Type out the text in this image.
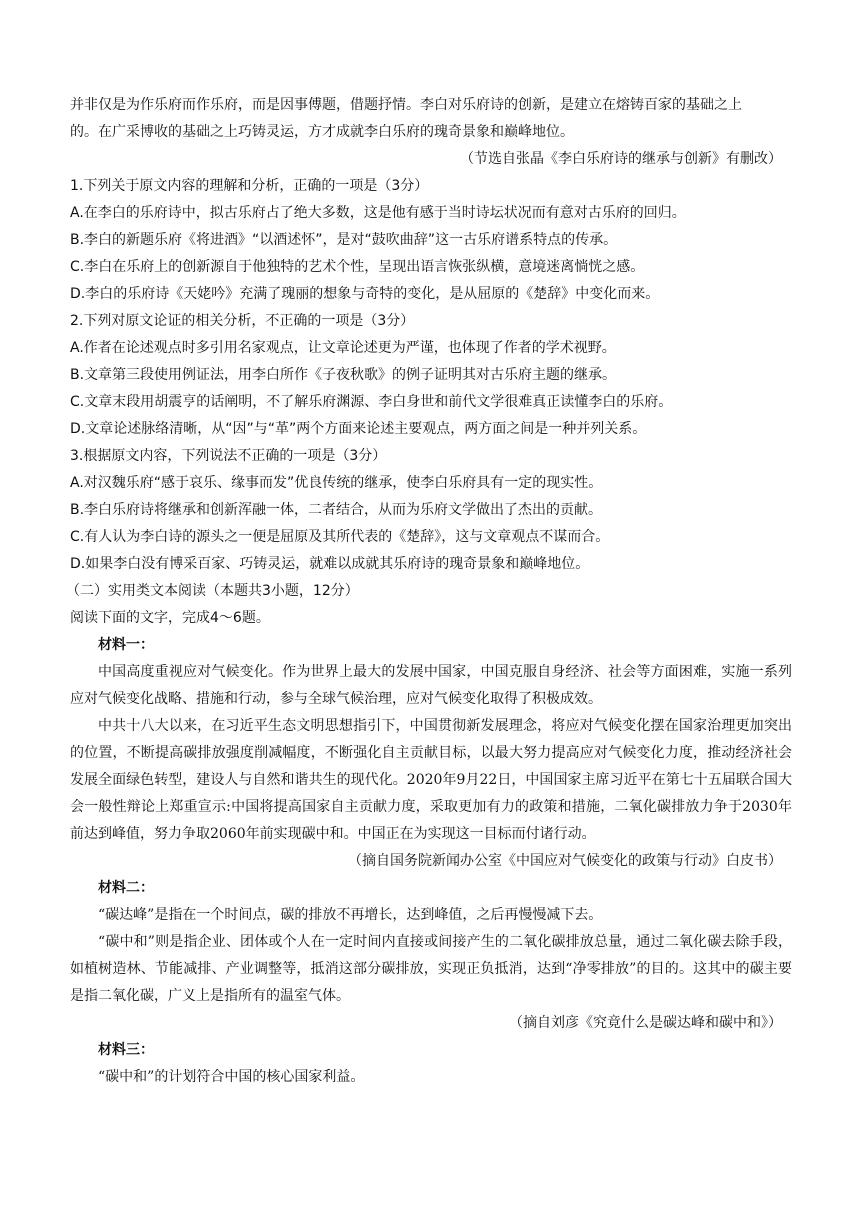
并非仅是为作乐府而作乐府，而是因事傅题，借题抒情。李白对乐府诗的创新，是建立在熔铸百家的基础之上

的。在广采博收的基础之上巧铸灵运，方才成就李白乐府的瑰奇景象和巅峰地位。

（节选自张晶《李白乐府诗的继承与创新》有删改）

1.下列关于原文内容的理解和分析，正确的一项是（3分）

A.在李白的乐府诗中，拟古乐府占了绝大多数，这是他有感于当时诗坛状况而有意对古乐府的回归。

B.李白的新题乐府《将进酒》“以酒述怀”，是对“鼓吹曲辞”这一古乐府谱系特点的传承。

C.李白在乐府上的创新源自于他独特的艺术个性，呈现出语言恢张纵横，意境迷离惝恍之感。

D.李白的乐府诗《天姥吟》充满了瑰丽的想象与奇特的变化，是从屈原的《楚辞》中变化而来。

2.下列对原文论证的相关分析，不正确的一项是（3分）

A.作者在论述观点时多引用名家观点，让文章论述更为严谨，也体现了作者的学术视野。

B.文章第三段使用例证法，用李白所作《子夜秋歌》的例子证明其对古乐府主题的继承。

C.文章末段用胡震亨的话阐明，不了解乐府渊源、李白身世和前代文学很难真正读懂李白的乐府。

D.文章论述脉络清晰，从“因”与“革”两个方面来论述主要观点，两方面之间是一种并列关系。

3.根据原文内容，下列说法不正确的一项是（3分）

A.对汉魏乐府“感于哀乐、缘事而发”优良传统的继承，使李白乐府具有一定的现实性。

B.李白乐府诗将继承和创新浑融一体，二者结合，从而为乐府文学做出了杰出的贡献。

C.有人认为李白诗的源头之一便是屈原及其所代表的《楚辞》，这与文章观点不谋而合。

D.如果李白没有博采百家、巧铸灵运，就难以成就其乐府诗的瑰奇景象和巅峰地位。

（二）实用类文本阅读（本题共3小题，12分）

阅读下面的文字，完成4～6题。

材料一：

中国高度重视应对气候变化。作为世界上最大的发展中国家，中国克服自身经济、社会等方面困难，实施一系列应对气候变化战略、措施和行动，参与全球气候治理，应对气候变化取得了积极成效。

中共十八大以来，在习近平生态文明思想指引下，中国贯彻新发展理念，将应对气候变化摆在国家治理更加突出的位置，不断提高碳排放强度削减幅度，不断强化自主贡献目标，以最大努力提高应对气候变化力度，推动经济社会发展全面绿色转型，建设人与自然和谐共生的现代化。2020年9月22日，中国国家主席习近平在第七十五届联合国大会一般性辩论上郑重宣示:中国将提高国家自主贡献力度，采取更加有力的政策和措施，二氧化碳排放力争于2030年前达到峰值，努力争取2060年前实现碳中和。中国正在为实现这一目标而付诸行动。

（摘自国务院新闻办公室《中国应对气候变化的政策与行动》白皮书）

材料二：

“碳达峰”是指在一个时间点，碳的排放不再增长，达到峰值，之后再慢慢减下去。

“碳中和”则是指企业、团体或个人在一定时间内直接或间接产生的二氧化碳排放总量，通过二氧化碳去除手段，如植树造林、节能减排、产业调整等，抵消这部分碳排放，实现正负抵消，达到“净零排放”的目的。这其中的碳主要是指二氧化碳，广义上是指所有的温室气体。

（摘自刘彦《究竟什么是碳达峰和碳中和》）

材料三：

“碳中和”的计划符合中国的核心国家利益。
